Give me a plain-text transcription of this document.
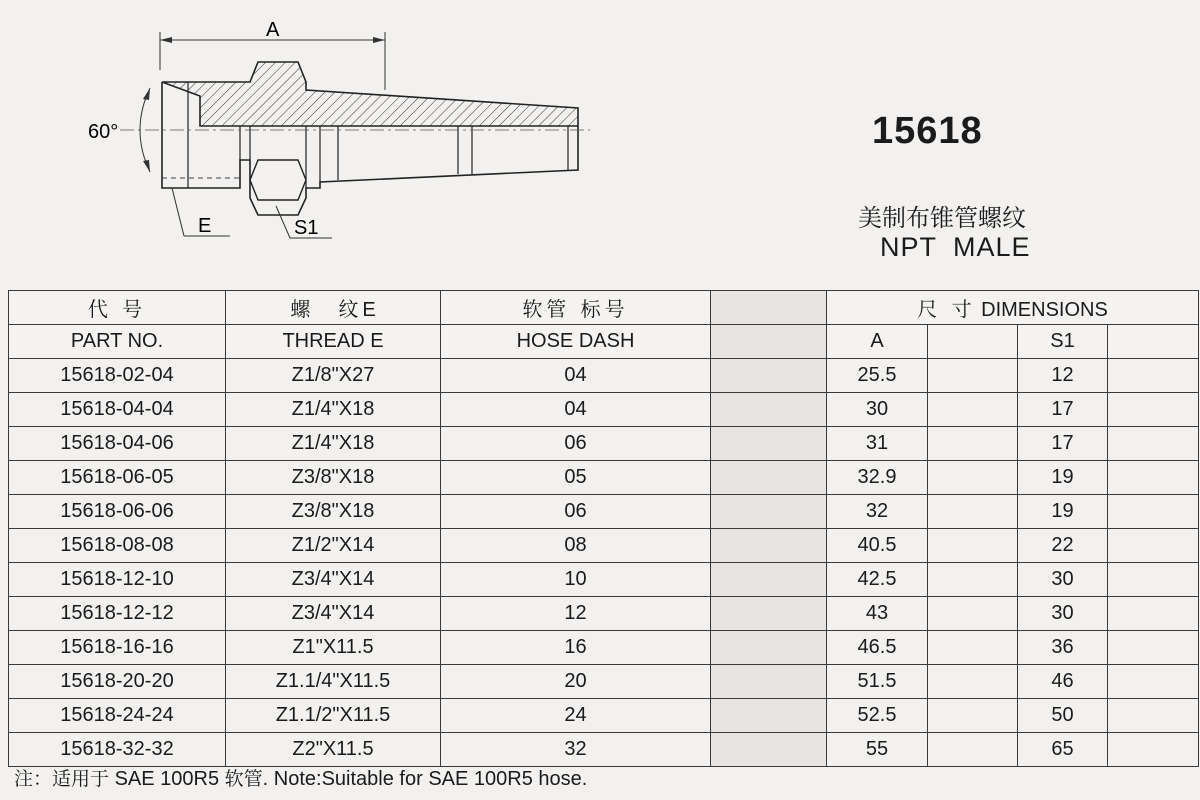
A
60°
E	S1
15618
美制布锥管螺纹
NPT MALE
代 号	螺　纹E	软管 标号		尺 寸 DIMENSIONS			
PART NO.	THREAD E	HOSE DASH		A		S1	
15618-02-04	Z1/8"X27	04		25.5		12	
15618-04-04	Z1/4"X18	04		30		17	
15618-04-06	Z1/4"X18	06		31		17	
15618-06-05	Z3/8"X18	05		32.9		19	
15618-06-06	Z3/8"X18	06		32		19	
15618-08-08	Z1/2"X14	08		40.5		22	
15618-12-10	Z3/4"X14	10		42.5		30	
15618-12-12	Z3/4"X14	12		43		30	
15618-16-16	Z1"X11.5	16		46.5		36	
15618-20-20	Z1.1/4"X11.5	20		51.5		46	
15618-24-24	Z1.1/2"X11.5	24		52.5		50	
15618-32-32	Z2"X11.5	32		55		65	
注：适用于 SAE 100R5 软管. Note:Suitable for SAE 100R5 hose.
